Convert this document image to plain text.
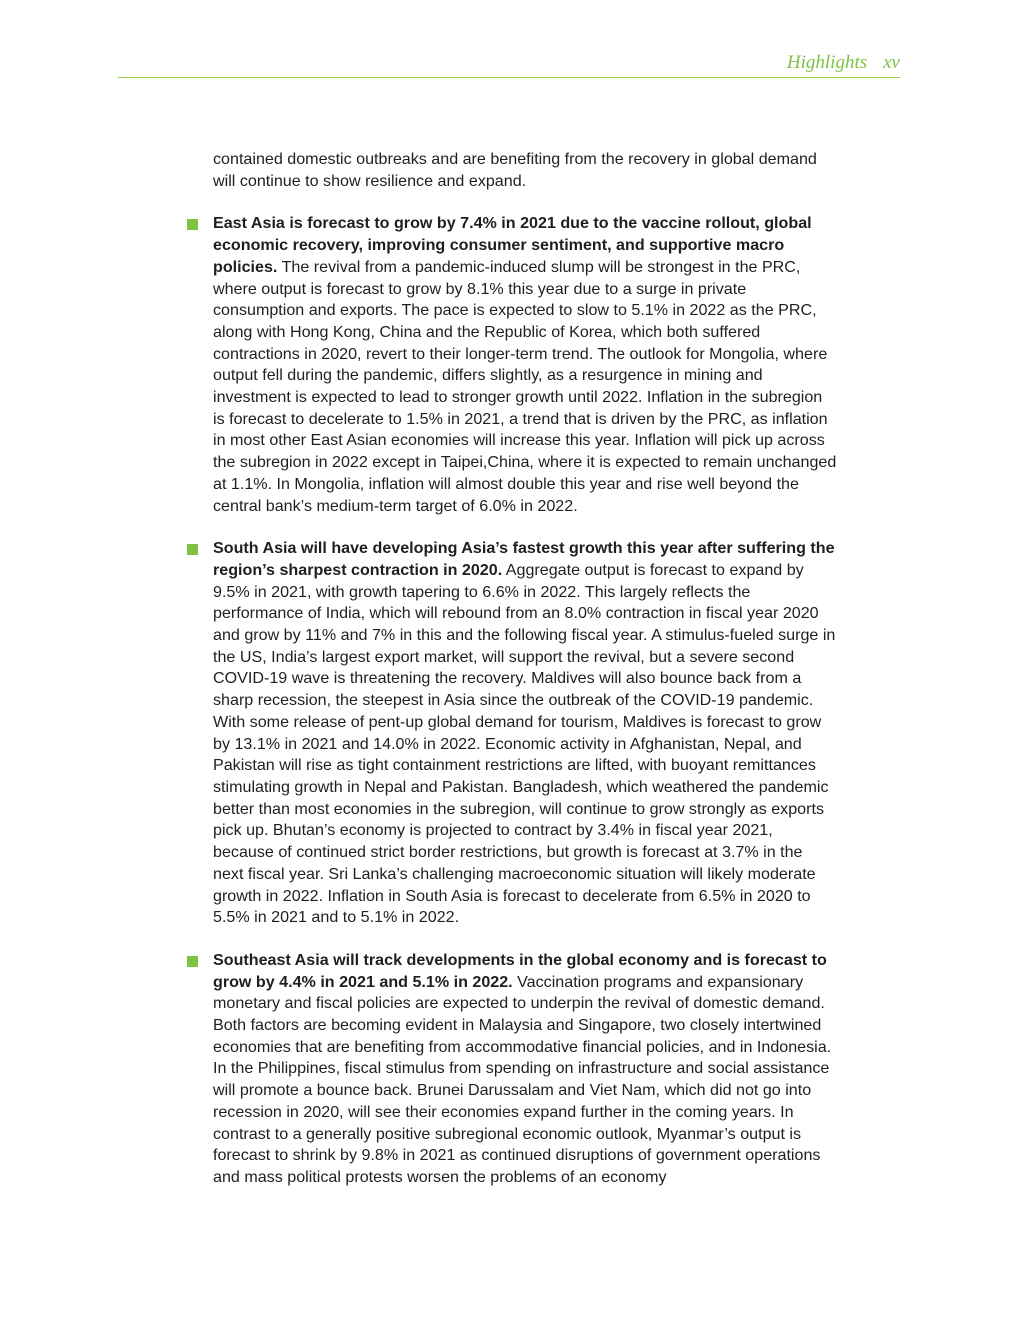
Highlights xv

contained domestic outbreaks and are benefiting from the recovery in global demand will continue to show resilience and expand.

East Asia is forecast to grow by 7.4% in 2021 due to the vaccine rollout, global economic recovery, improving consumer sentiment, and supportive macro policies. The revival from a pandemic-induced slump will be strongest in the PRC, where output is forecast to grow by 8.1% this year due to a surge in private consumption and exports. The pace is expected to slow to 5.1% in 2022 as the PRC, along with Hong Kong, China and the Republic of Korea, which both suffered contractions in 2020, revert to their longer-term trend. The outlook for Mongolia, where output fell during the pandemic, differs slightly, as a resurgence in mining and investment is expected to lead to stronger growth until 2022. Inflation in the subregion is forecast to decelerate to 1.5% in 2021, a trend that is driven by the PRC, as inflation in most other East Asian economies will increase this year. Inflation will pick up across the subregion in 2022 except in Taipei,China, where it is expected to remain unchanged at 1.1%. In Mongolia, inflation will almost double this year and rise well beyond the central bank’s medium-term target of 6.0% in 2022.

South Asia will have developing Asia’s fastest growth this year after suffering the region’s sharpest contraction in 2020. Aggregate output is forecast to expand by 9.5% in 2021, with growth tapering to 6.6% in 2022. This largely reflects the performance of India, which will rebound from an 8.0% contraction in fiscal year 2020 and grow by 11% and 7% in this and the following fiscal year. A stimulus-fueled surge in the US, India’s largest export market, will support the revival, but a severe second COVID-19 wave is threatening the recovery. Maldives will also bounce back from a sharp recession, the steepest in Asia since the outbreak of the COVID-19 pandemic. With some release of pent-up global demand for tourism, Maldives is forecast to grow by 13.1% in 2021 and 14.0% in 2022. Economic activity in Afghanistan, Nepal, and Pakistan will rise as tight containment restrictions are lifted, with buoyant remittances stimulating growth in Nepal and Pakistan. Bangladesh, which weathered the pandemic better than most economies in the subregion, will continue to grow strongly as exports pick up. Bhutan’s economy is projected to contract by 3.4% in fiscal year 2021, because of continued strict border restrictions, but growth is forecast at 3.7% in the next fiscal year. Sri Lanka’s challenging macroeconomic situation will likely moderate growth in 2022. Inflation in South Asia is forecast to decelerate from 6.5% in 2020 to 5.5% in 2021 and to 5.1% in 2022.

Southeast Asia will track developments in the global economy and is forecast to grow by 4.4% in 2021 and 5.1% in 2022. Vaccination programs and expansionary monetary and fiscal policies are expected to underpin the revival of domestic demand. Both factors are becoming evident in Malaysia and Singapore, two closely intertwined economies that are benefiting from accommodative financial policies, and in Indonesia. In the Philippines, fiscal stimulus from spending on infrastructure and social assistance will promote a bounce back. Brunei Darussalam and Viet Nam, which did not go into recession in 2020, will see their economies expand further in the coming years. In contrast to a generally positive subregional economic outlook, Myanmar’s output is forecast to shrink by 9.8% in 2021 as continued disruptions of government operations and mass political protests worsen the problems of an economy
